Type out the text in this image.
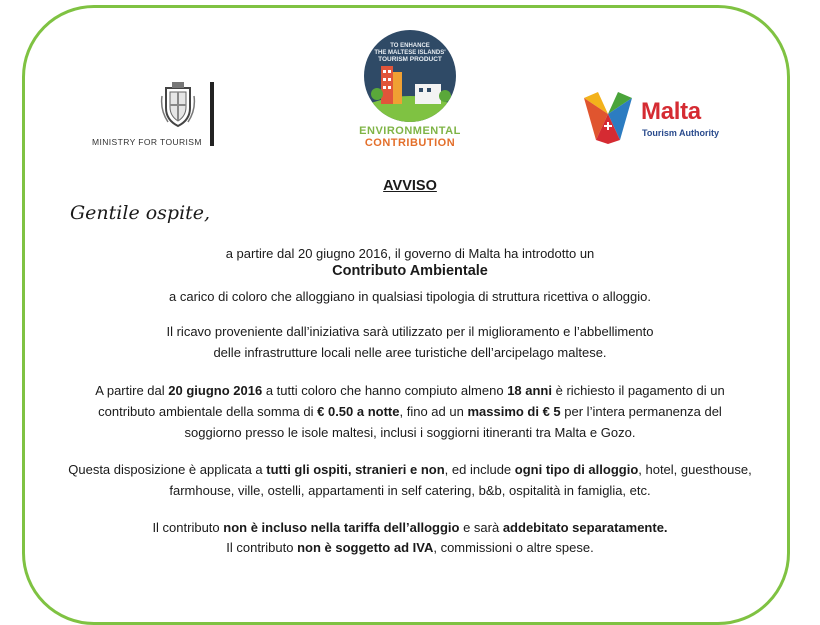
MINISTRY FOR TOURISM
TO ENHANCE
THE MALTESE ISLANDS'
TOURISM PRODUCT
ENVIRONMENTAL
CONTRIBUTION
Malta
Tourism Authority
AVVISO
Gentile ospite,
a partire dal 20 giugno 2016, il governo di Malta ha introdotto un
Contributo Ambientale
a carico di coloro che alloggiano in qualsiasi tipologia di struttura ricettiva o alloggio.
Il ricavo proveniente dall’iniziativa sarà utilizzato per il miglioramento e l’abbellimento
delle infrastrutture locali nelle aree turistiche dell’arcipelago maltese.
A partire dal 20 giugno 2016 a tutti coloro che hanno compiuto almeno 18 anni è richiesto il pagamento di un
contributo ambientale della somma di € 0.50 a notte, fino ad un massimo di € 5 per l’intera permanenza del
soggiorno presso le isole maltesi, inclusi i soggiorni itineranti tra Malta e Gozo.
Questa disposizione è applicata a tutti gli ospiti, stranieri e non, ed include ogni tipo di alloggio, hotel, guesthouse,
farmhouse, ville, ostelli, appartamenti in self catering, b&b, ospitalità in famiglia, etc.
Il contributo non è incluso nella tariffa dell’alloggio e sarà addebitato separatamente.
Il contributo non è soggetto ad IVA, commissioni o altre spese.
